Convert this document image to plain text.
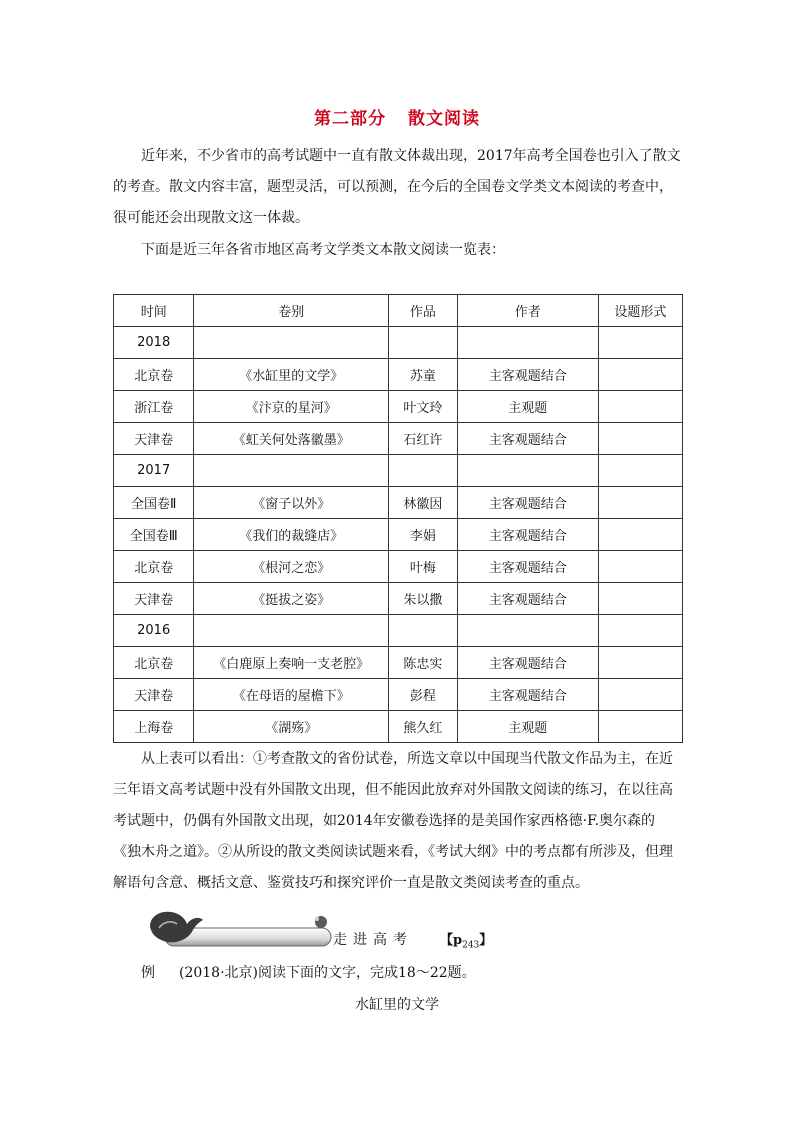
第二部分 散文阅读

近年来，不少省市的高考试题中一直有散文体裁出现，2017年高考全国卷也引入了散文的考查。散文内容丰富，题型灵活，可以预测，在今后的全国卷文学类文本阅读的考查中，很可能还会出现散文这一体裁。

下面是近三年各省市地区高考文学类文本散文阅读一览表：

时间	卷别	作品	作者	设题形式
2018				
北京卷	《水缸里的文学》	苏童	主客观题结合	
浙江卷	《汴京的星河》	叶文玲	主观题	
天津卷	《虹关何处落徽墨》	石红许	主客观题结合	
2017				
全国卷Ⅱ	《窗子以外》	林徽因	主客观题结合	
全国卷Ⅲ	《我们的裁缝店》	李娟	主客观题结合	
北京卷	《根河之恋》	叶梅	主客观题结合	
天津卷	《挺拔之姿》	朱以撒	主客观题结合	
2016				
北京卷	《白鹿原上奏响一支老腔》	陈忠实	主客观题结合	
天津卷	《在母语的屋檐下》	彭程	主客观题结合	
上海卷	《湖殇》	熊久红	主观题	

从上表可以看出：①考查散文的省份试卷，所选文章以中国现当代散文作品为主，在近三年语文高考试题中没有外国散文出现，但不能因此放弃对外国散文阅读的练习，在以往高考试题中，仍偶有外国散文出现，如2014年安徽卷选择的是美国作家西格德·F.奥尔森的《独木舟之道》。②从所设的散文类阅读试题来看，《考试大纲》中的考点都有所涉及，但理解语句含意、概括文意、鉴赏技巧和探究评价一直是散文类阅读考查的重点。

走进高考 【$p_{243}$】
例 (2018·北京)阅读下面的文字，完成18～22题。
水缸里的文学
